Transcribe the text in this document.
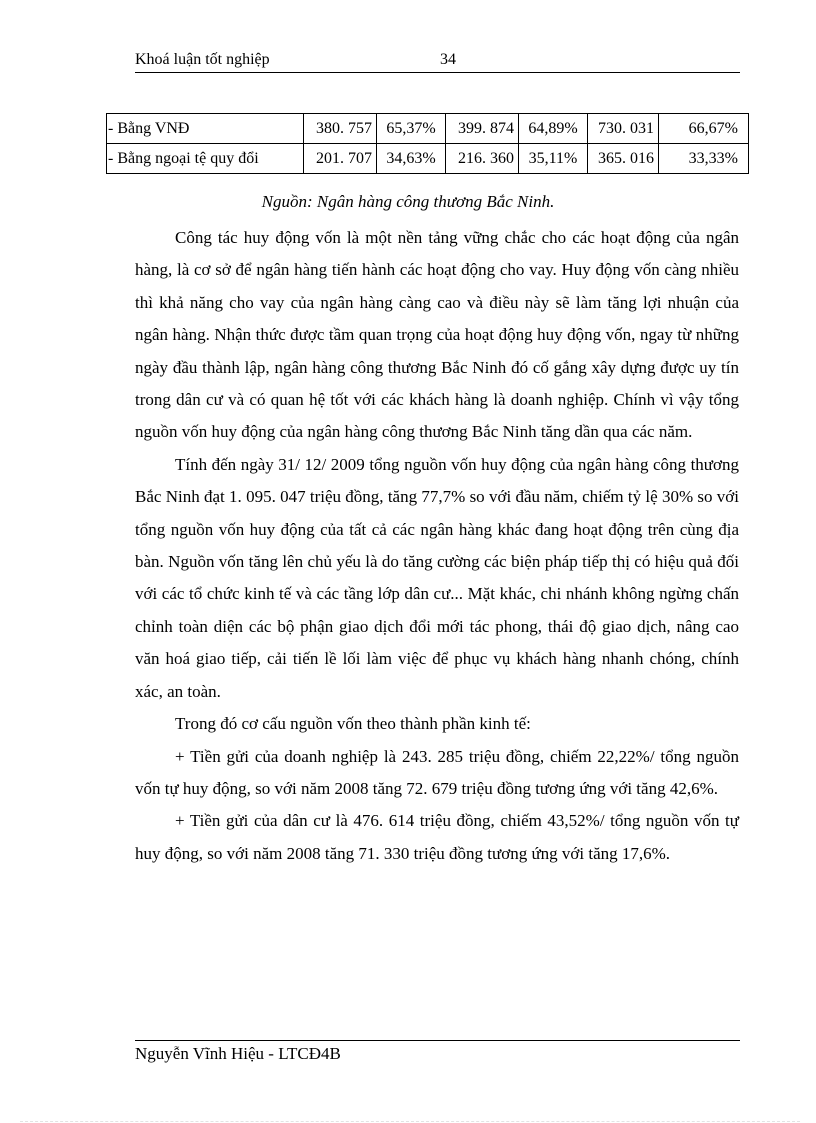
Khoá luận tốt nghiệp	34
- Bằng VNĐ	380. 757	65,37%	399. 874	64,89%	730. 031	66,67%
- Bằng ngoại tệ quy đổi	201. 707	34,63%	216. 360	35,11%	365. 016	33,33%
Nguồn: Ngân hàng công thương Bắc Ninh.

Công tác huy động vốn là một nền tảng vững chắc cho các hoạt động của ngân hàng, là cơ sở để ngân hàng tiến hành các hoạt động cho vay. Huy động vốn càng nhiều thì khả năng cho vay của ngân hàng càng cao và điều này sẽ làm tăng lợi nhuận của ngân hàng. Nhận thức được tầm quan trọng của hoạt động huy động vốn, ngay từ những ngày đầu thành lập, ngân hàng công thương Bắc Ninh đó cố gắng xây dựng được uy tín trong dân cư và có quan hệ tốt với các khách hàng là doanh nghiệp. Chính vì vậy tổng nguồn vốn huy động của ngân hàng công thương Bắc Ninh tăng dần qua các năm.

Tính đến ngày 31/ 12/ 2009 tổng nguồn vốn huy động của ngân hàng công thương Bắc Ninh đạt 1. 095. 047 triệu đồng, tăng 77,7% so với đầu năm, chiếm tỷ lệ 30% so với tổng nguồn vốn huy động của tất cả các ngân hàng khác đang hoạt động trên cùng địa bàn. Nguồn vốn tăng lên chủ yếu là do tăng cường các biện pháp tiếp thị có hiệu quả đối với các tổ chức kinh tế và các tầng lớp dân cư... Mặt khác, chi nhánh không ngừng chấn chỉnh toàn diện các bộ phận giao dịch đổi mới tác phong, thái độ giao dịch, nâng cao văn hoá giao tiếp, cải tiến lề lối làm việc để phục vụ khách hàng nhanh chóng, chính xác, an toàn.

Trong đó cơ cấu nguồn vốn theo thành phần kinh tế:

+ Tiền gửi của doanh nghiệp là 243. 285 triệu đồng, chiếm 22,22%/ tổng nguồn vốn tự huy động, so với năm 2008 tăng 72. 679 triệu đồng tương ứng với tăng 42,6%.

+ Tiền gửi của dân cư là 476. 614 triệu đồng, chiếm 43,52%/ tổng nguồn vốn tự huy động, so với năm 2008 tăng 71. 330 triệu đồng tương ứng với tăng 17,6%.

Nguyễn Vĩnh Hiệu - LTCĐ4B
